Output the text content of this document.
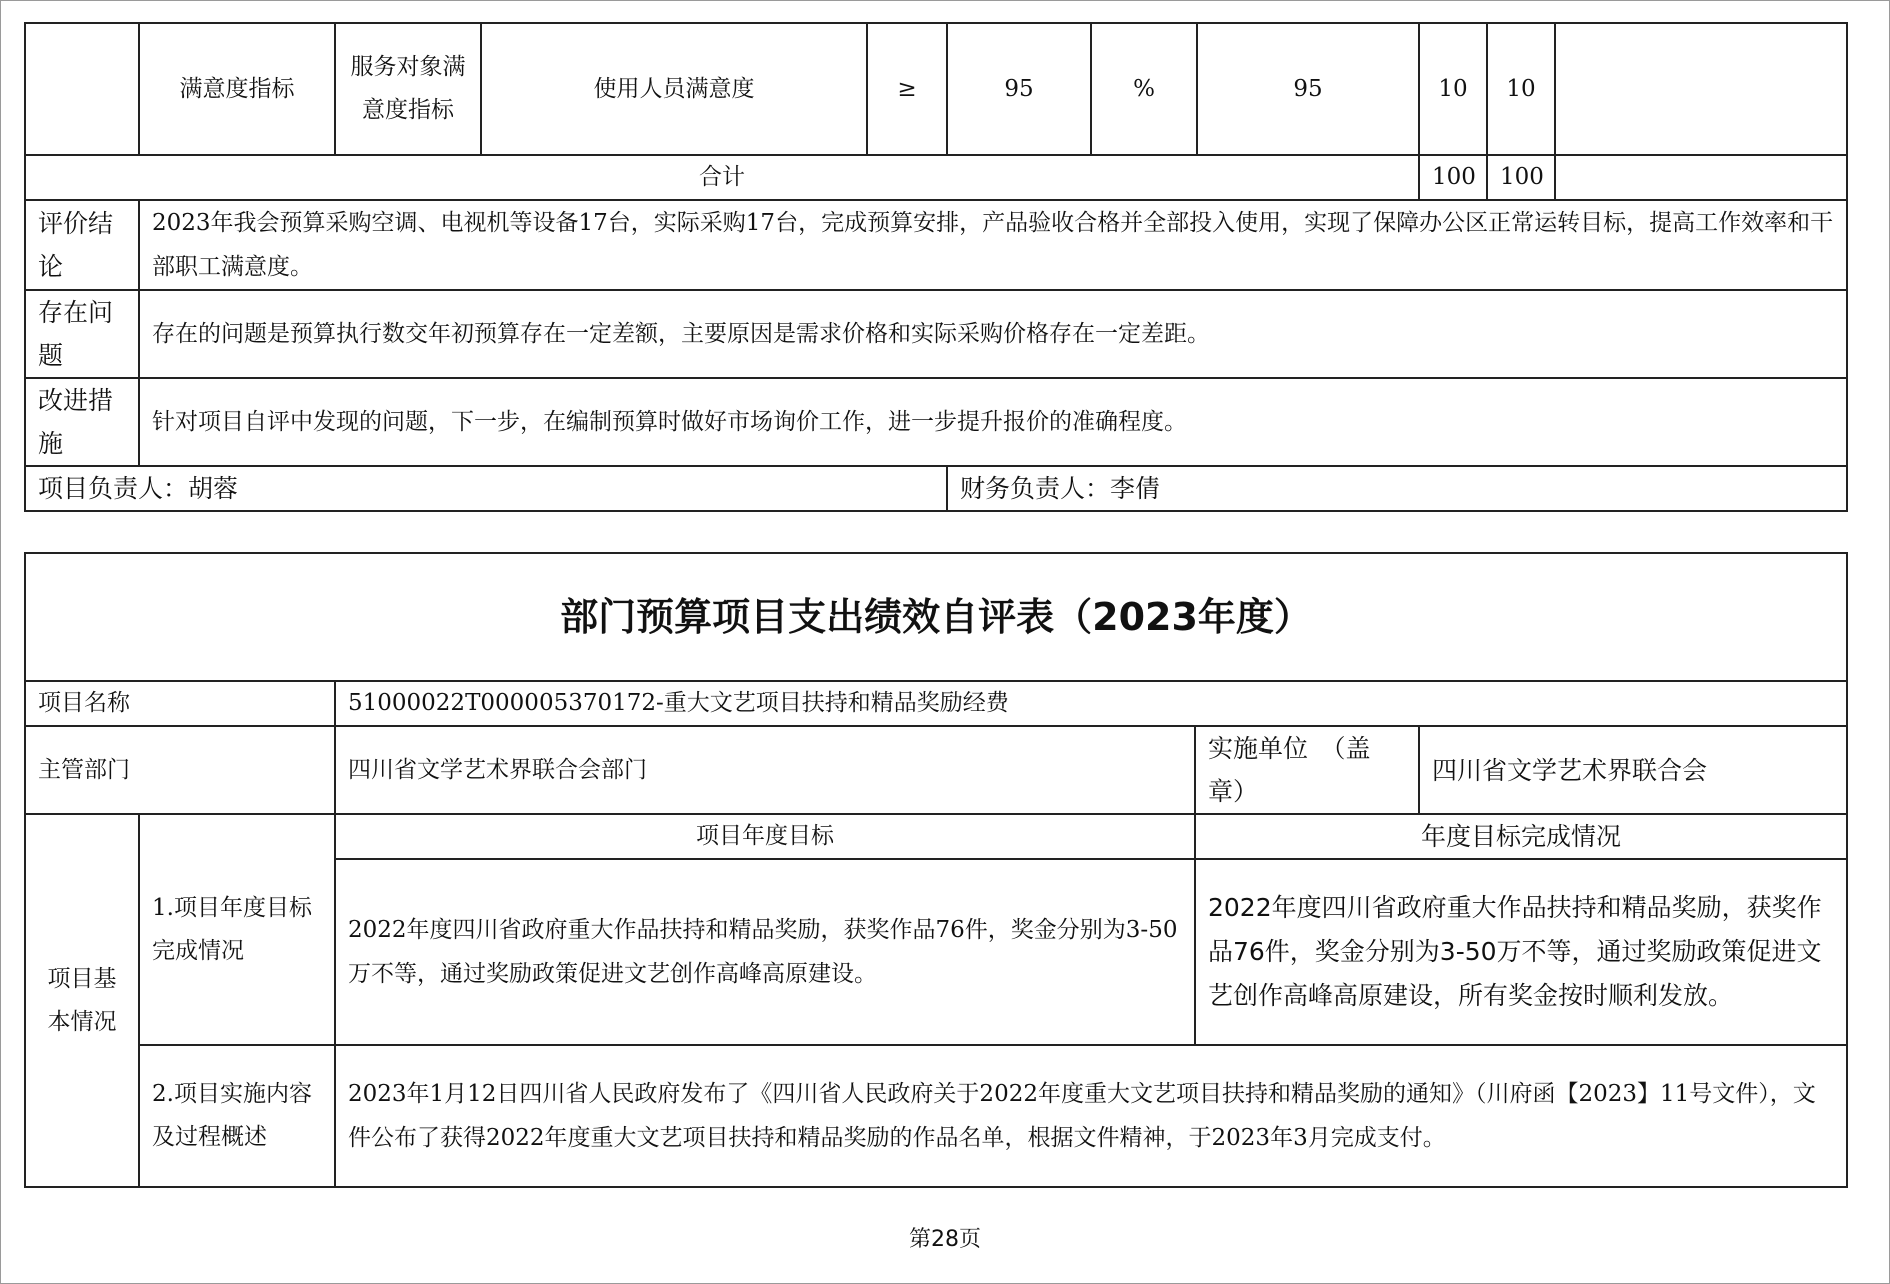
	满意度指标	服务对象满意度指标	使用人员满意度	≥	95	%	95	10	10	
合计								100	100	
评价结论	2023年我会预算采购空调、电视机等设备17台，实际采购17台，完成预算安排，产品验收合格并全部投入使用，实现了保障办公区正常运转目标，提高工作效率和干部职工满意度。									
存在问题	存在的问题是预算执行数交年初预算存在一定差额，主要原因是需求价格和实际采购价格存在一定差距。									
改进措施	针对项目自评中发现的问题，下一步，在编制预算时做好市场询价工作，进一步提升报价的准确程度。									
项目负责人：胡蓉					财务负责人：李倩					
部门预算项目支出绩效自评表（2023年度）				
项目名称		51000022T000005370172-重大文艺项目扶持和精品奖励经费		
主管部门		四川省文学艺术界联合会部门	实施单位　（盖章）	四川省文学艺术界联合会
项目基本情况	1.项目年度目标完成情况	项目年度目标	年度目标完成情况	
		2022年度四川省政府重大作品扶持和精品奖励，获奖作品76件，奖金分别为3-50万不等，通过奖励政策促进文艺创作高峰高原建设。	2022年度四川省政府重大作品扶持和精品奖励，获奖作品76件，奖金分别为3-50万不等，通过奖励政策促进文艺创作高峰高原建设，所有奖金按时顺利发放。	
	2.项目实施内容及过程概述	2023年1月12日四川省人民政府发布了《四川省人民政府关于2022年度重大文艺项目扶持和精品奖励的通知》（川府函【2023】11号文件），文件公布了获得2022年度重大文艺项目扶持和精品奖励的作品名单，根据文件精神，于2023年3月完成支付。		
第28页
